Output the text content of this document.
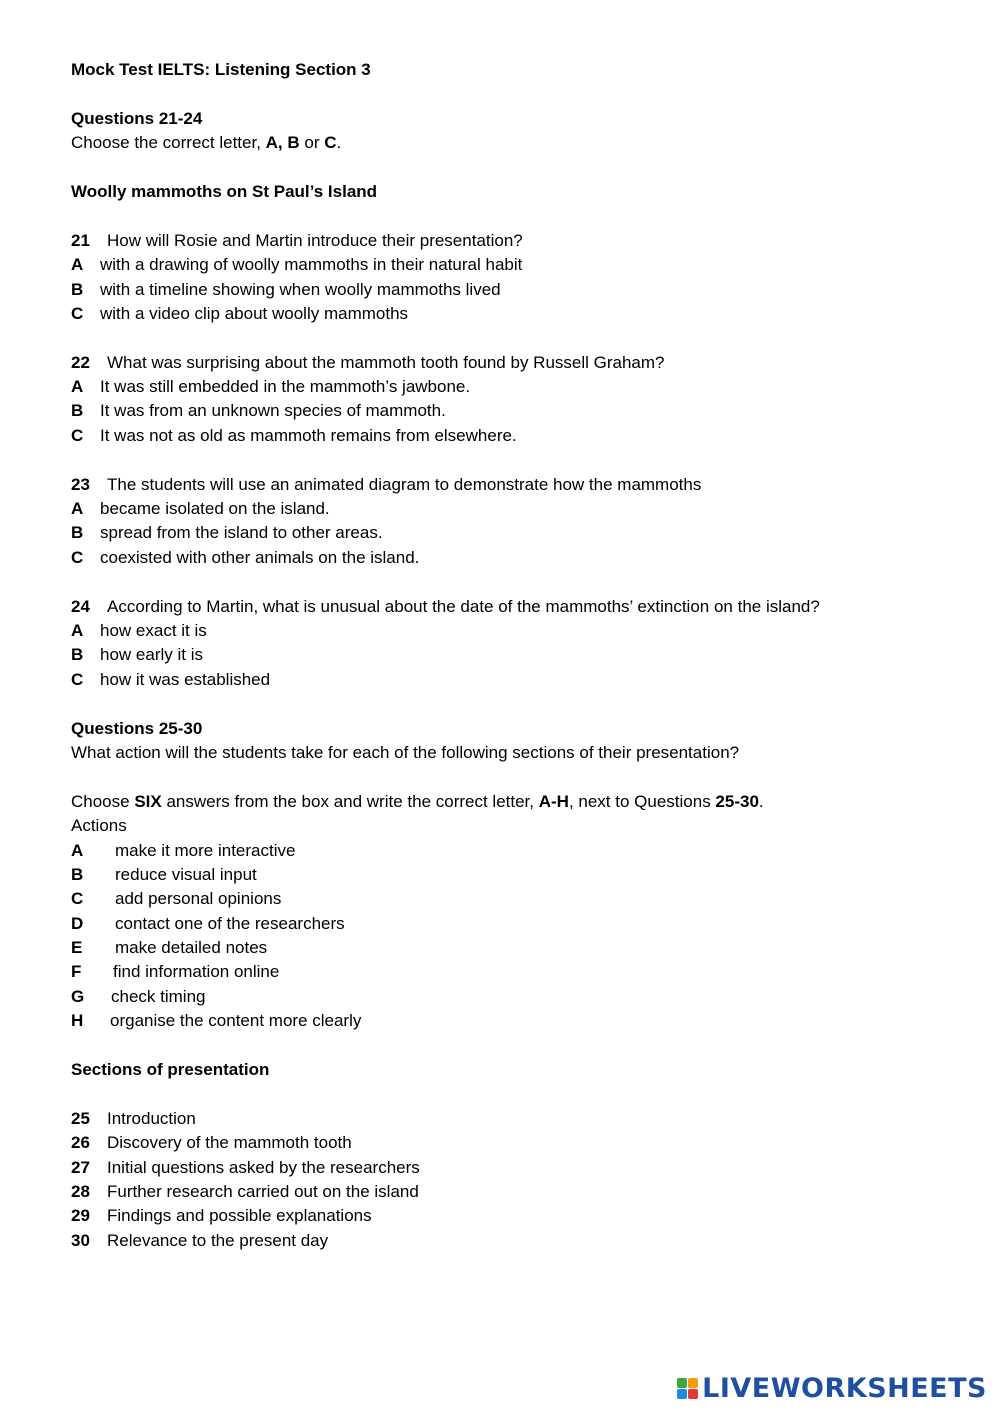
Mock Test IELTS: Listening Section 3
Questions 21-24
Choose the correct letter, A, B or C.
Woolly mammoths on St Paul’s Island
21 How will Rosie and Martin introduce their presentation?
A with a drawing of woolly mammoths in their natural habit
B with a timeline showing when woolly mammoths lived
C with a video clip about woolly mammoths
22 What was surprising about the mammoth tooth found by Russell Graham?
A It was still embedded in the mammoth’s jawbone.
B It was from an unknown species of mammoth.
C It was not as old as mammoth remains from elsewhere.
23 The students will use an animated diagram to demonstrate how the mammoths
A became isolated on the island.
B spread from the island to other areas.
C coexisted with other animals on the island.
24 According to Martin, what is unusual about the date of the mammoths’ extinction on the island?
A how exact it is
B how early it is
C how it was established
Questions 25-30
What action will the students take for each of the following sections of their presentation?
Choose SIX answers from the box and write the correct letter, A-H, next to Questions 25-30.
Actions
A make it more interactive
B reduce visual input
C add personal opinions
D contact one of the researchers
E make detailed notes
F find information online
G check timing
H organise the content more clearly
Sections of presentation
25 Introduction
26 Discovery of the mammoth tooth
27 Initial questions asked by the researchers
28 Further research carried out on the island
29 Findings and possible explanations
30 Relevance to the present day
LIVEWORKSHEETS
